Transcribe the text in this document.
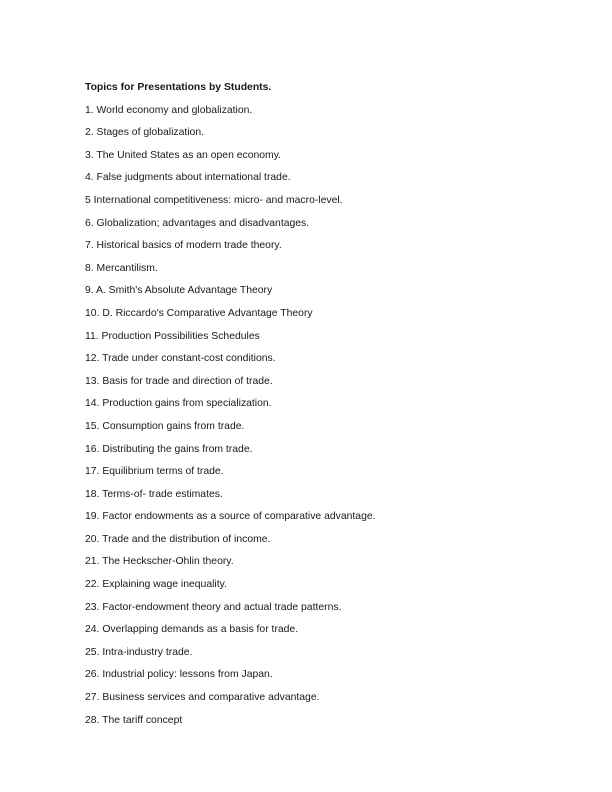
Topics for Presentations by Students.
1. World economy and globalization.
2. Stages of globalization.
3. The United States as an open economy.
4. False judgments about international trade.
5 International competitiveness: micro- and macro-level.
6. Globalization; advantages and disadvantages.
7. Historical basics of modern trade theory.
8. Mercantilism.
9. A. Smith's Absolute Advantage Theory
10. D. Riccardo's Comparative Advantage Theory
11. Production Possibilities Schedules
12. Trade under constant-cost conditions.
13. Basis for trade and direction of trade.
14. Production gains from specialization.
15. Consumption gains from trade.
16. Distributing the gains from trade.
17. Equilibrium terms of trade.
18. Terms-of- trade estimates.
19. Factor endowments as a source of comparative advantage.
20. Trade and the distribution of income.
21. The Heckscher-Ohlin theory.
22. Explaining wage inequality.
23. Factor-endowment theory and actual trade patterns.
24. Overlapping demands as a basis for trade.
25. Intra-industry trade.
26. Industrial policy: lessons from Japan.
27. Business services and comparative advantage.
28. The tariff concept
